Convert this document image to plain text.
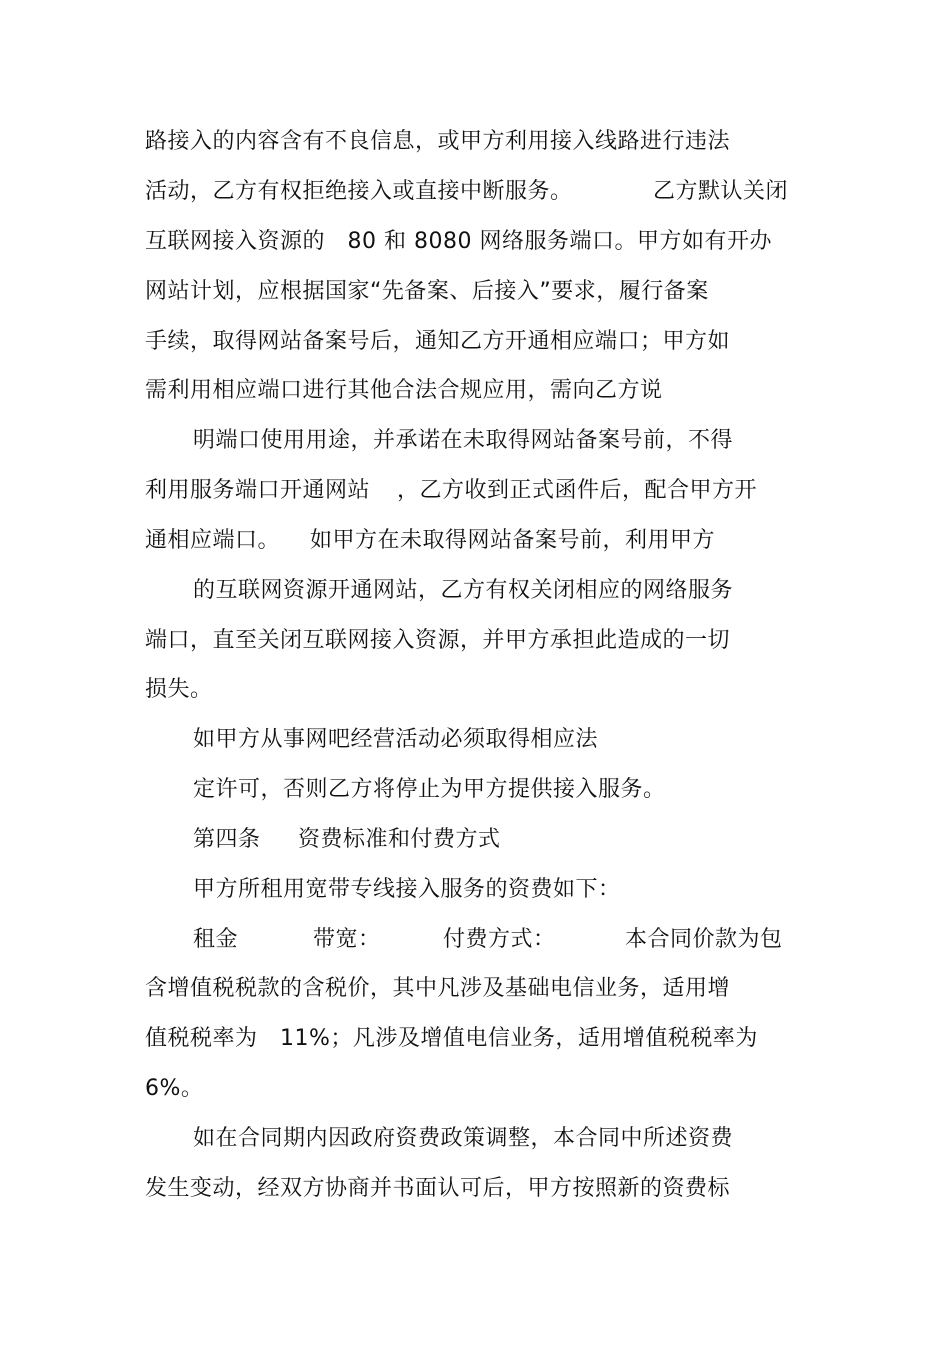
路接入的内容含有不良信息，或甲方利用接入线路进行违法
活动，乙方有权拒绝接入或直接中断服务。	乙方默认关闭
互联网接入资源的　80 和 8080 网络服务端口。甲方如有开办
网站计划，应根据国家“先备案、后接入”要求，履行备案
手续，取得网站备案号后，通知乙方开通相应端口；甲方如
需利用相应端口进行其他合法合规应用，需向乙方说
明端口使用用途，并承诺在未取得网站备案号前，不得
利用服务端口开通网站 ，乙方收到正式函件后，配合甲方开
通相应端口。 如甲方在未取得网站备案号前，利用甲方
的互联网资源开通网站，乙方有权关闭相应的网络服务
端口，直至关闭互联网接入资源，并甲方承担此造成的一切
损失。
如甲方从事网吧经营活动必须取得相应法
定许可，否则乙方将停止为甲方提供接入服务。
第四条 资费标准和付费方式
甲方所租用宽带专线接入服务的资费如下：
租金	带宽：	付费方式：	本合同价款为包
含增值税税款的含税价，其中凡涉及基础电信业务，适用增
值税税率为　11%；凡涉及增值电信业务，适用增值税税率为
6%。
如在合同期内因政府资费政策调整，本合同中所述资费
发生变动，经双方协商并书面认可后，甲方按照新的资费标
